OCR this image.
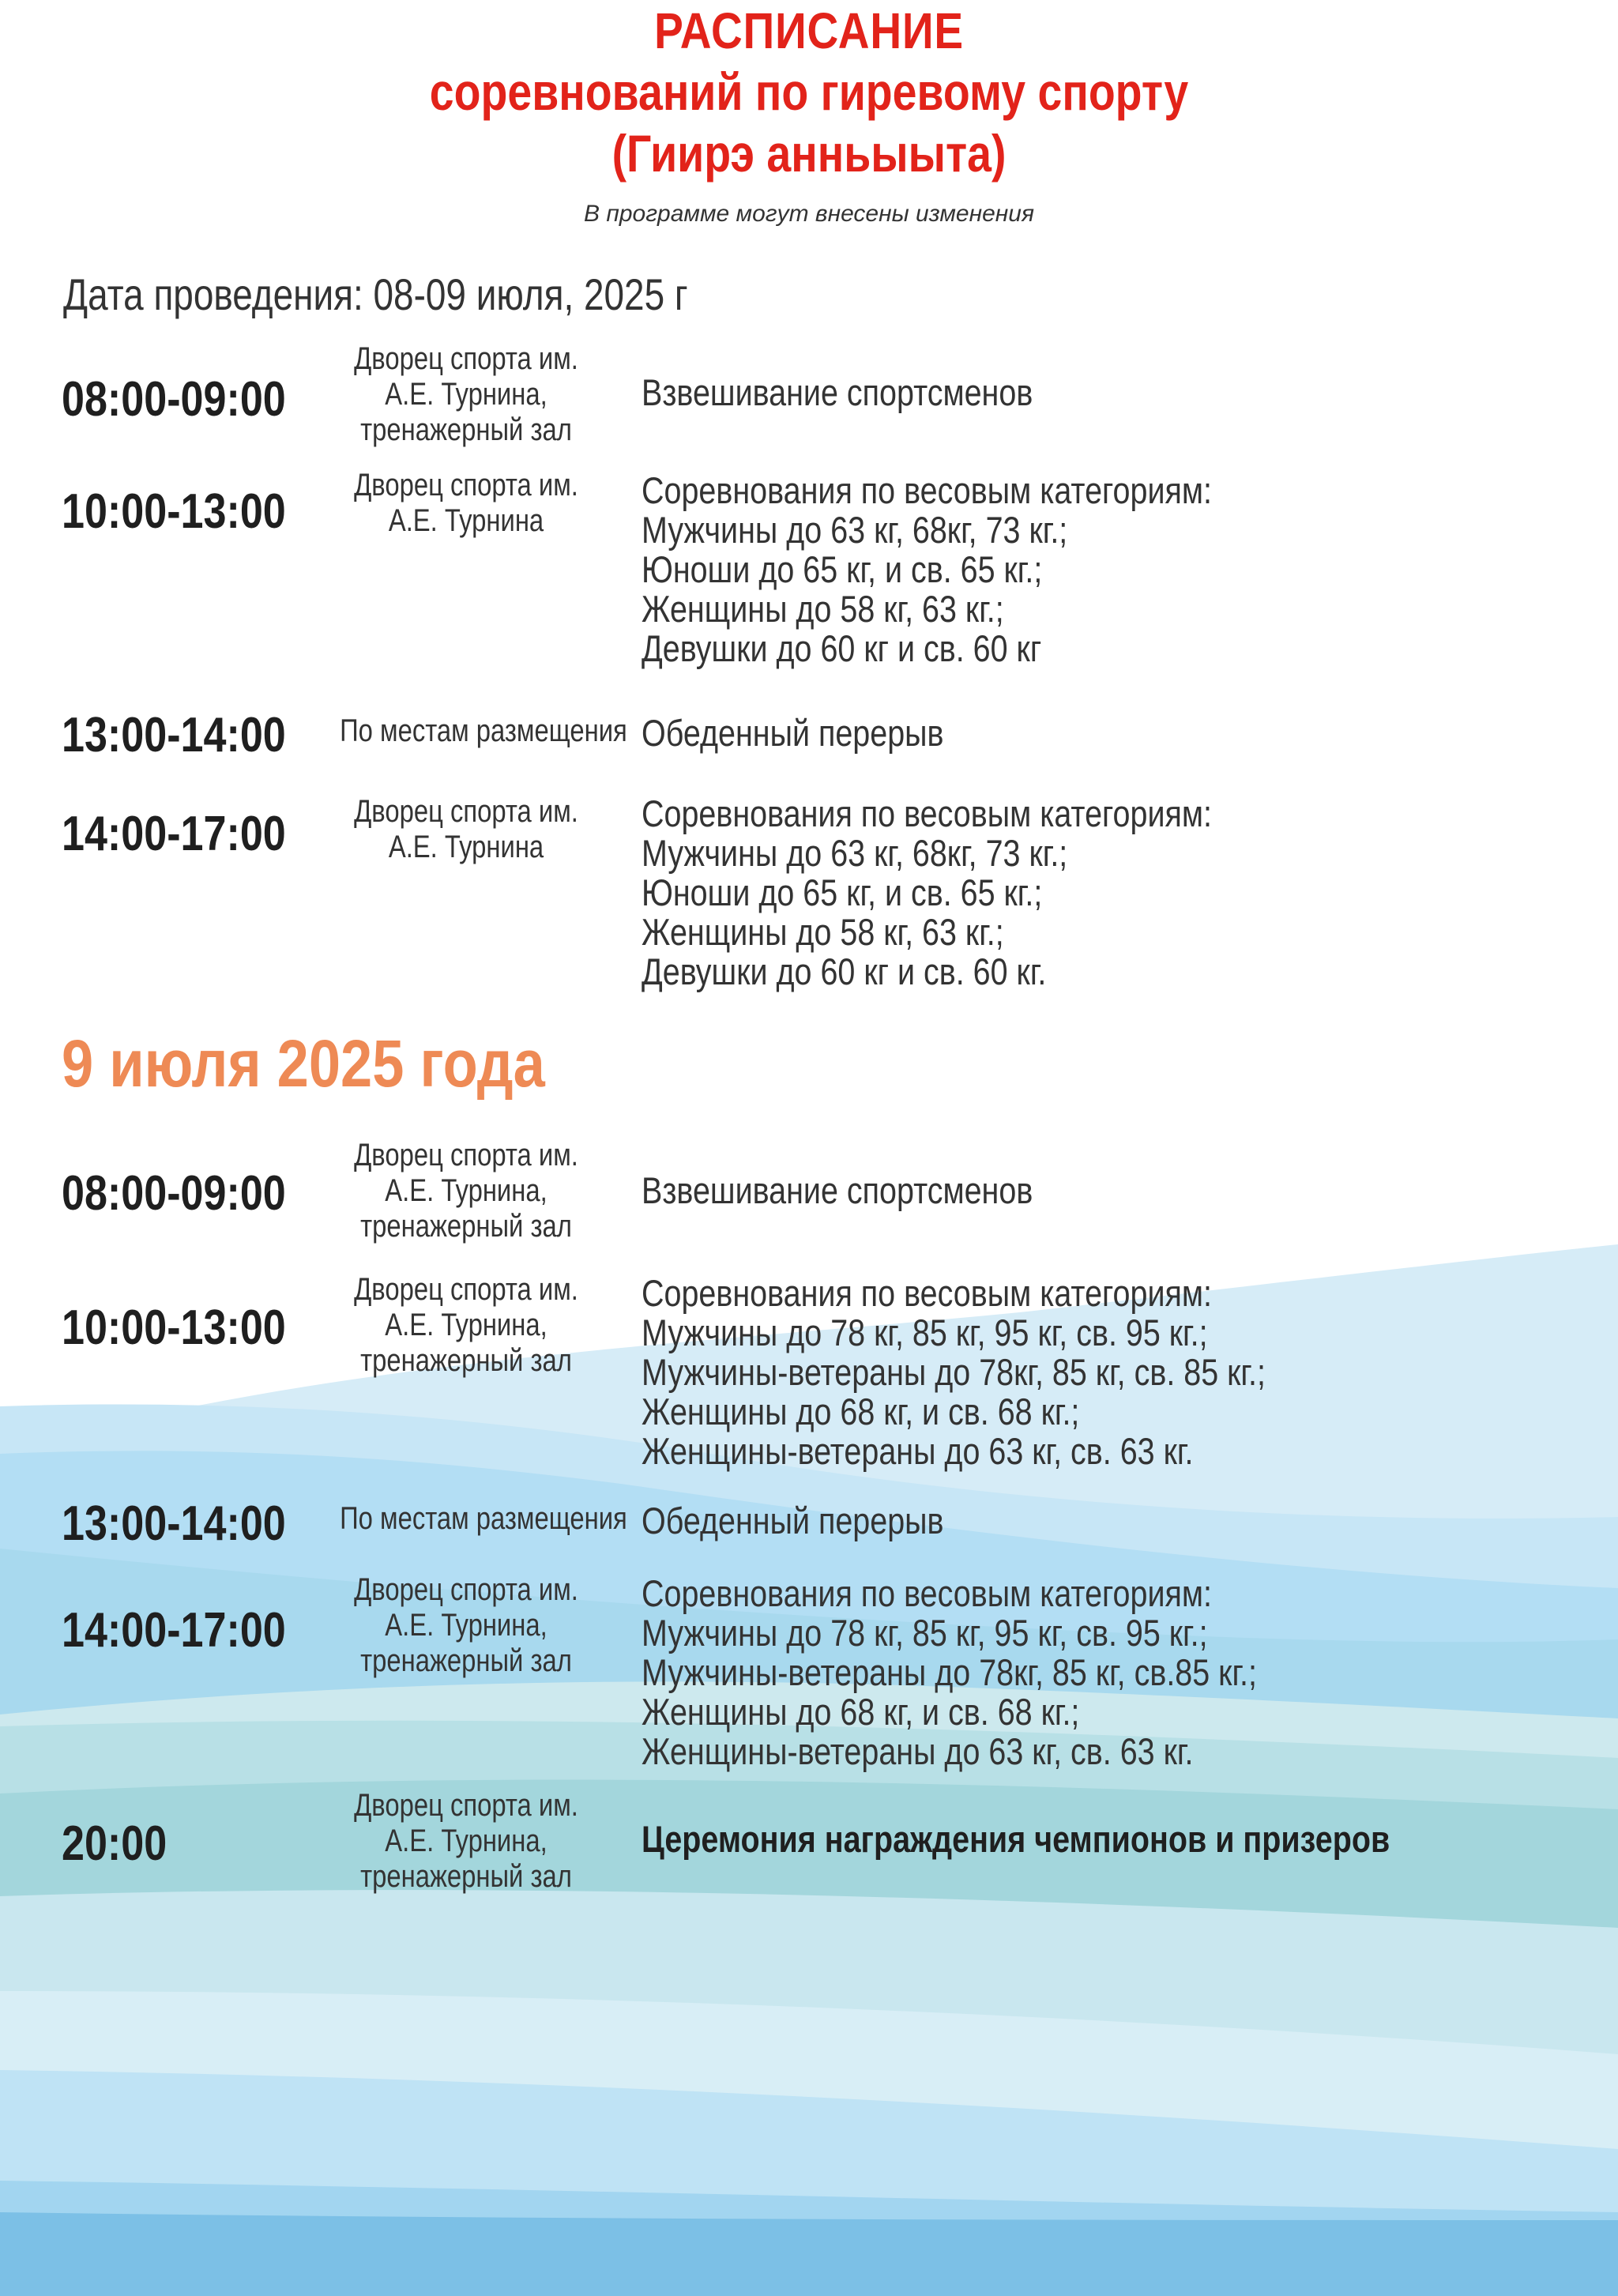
РАСПИСАНИЕ
соревнований по гиревому спорту
(Гиирэ анньыыта)
В программе могут внесены изменения
Дата проведения: 08-09 июля, 2025 г
9 июля 2025 года
08:00-09:00
Дворец спорта им.
А.Е. Турнина,
тренажерный зал
Взвешивание спортсменов
10:00-13:00	Дворец спорта им.
А.Е. Турнина
Соревнования по весовым категориям:
Мужчины до 63 кг, 68кг, 73 кг.;
Юноши до 65 кг, и св. 65 кг.;
Женщины до 58 кг, 63 кг.;
Девушки до 60 кг и св. 60 кг
13:00-14:00 По местам размещения Обеденный перерыв
14:00-17:00	Дворец спорта им.
А.Е. Турнина
Соревнования по весовым категориям:
Мужчины до 63 кг, 68кг, 73 кг.;
Юноши до 65 кг, и св. 65 кг.;
Женщины до 58 кг, 63 кг.;
Девушки до 60 кг и св. 60 кг.
08:00-09:00
Дворец спорта им.
А.Е. Турнина,
тренажерный зал
Взвешивание спортсменов
10:00-13:00
Дворец спорта им.
А.Е. Турнина,
тренажерный зал
Соревнования по весовым категориям:
Мужчины до 78 кг, 85 кг, 95 кг, св. 95 кг.;
Мужчины-ветераны до 78кг, 85 кг, св. 85 кг.;
Женщины до 68 кг, и св. 68 кг.;
Женщины-ветераны до 63 кг, св. 63 кг.
13:00-14:00 По местам размещения Обеденный перерыв
14:00-17:00
Дворец спорта им.
А.Е. Турнина,
тренажерный зал
Соревнования по весовым категориям:
Мужчины до 78 кг, 85 кг, 95 кг, св. 95 кг.;
Мужчины-ветераны до 78кг, 85 кг, св.85 кг.;
Женщины до 68 кг, и св. 68 кг.;
Женщины-ветераны до 63 кг, св. 63 кг.
20:00
Дворец спорта им.
А.Е. Турнина,
тренажерный зал
Церемония награждения чемпионов и призеров
